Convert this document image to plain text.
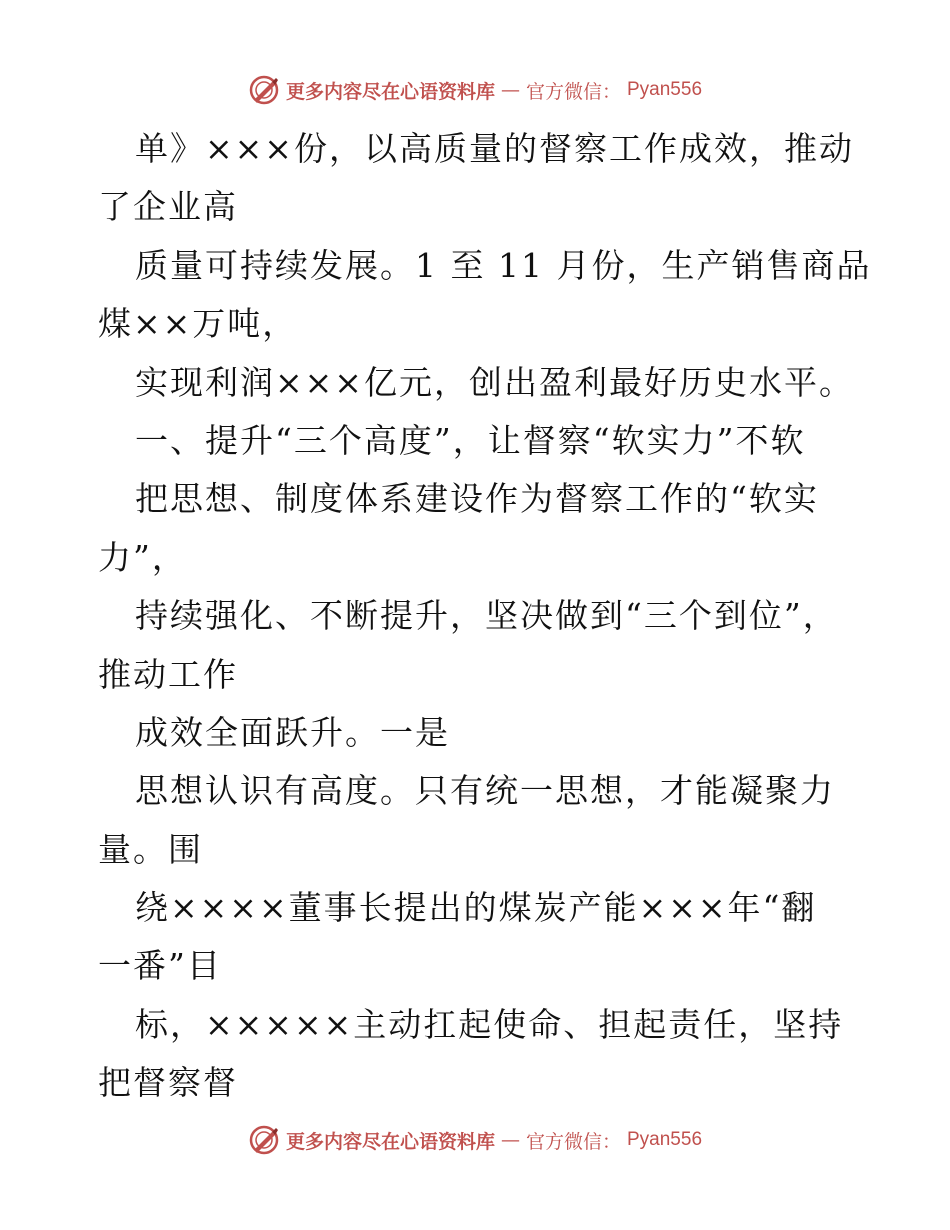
更多内容尽在心语资料库 — 官方微信： Pyan556
单》×××份，以高质量的督察工作成效，推动
了企业高
质量可持续发展。1 至 11 月份，生产销售商品
煤××万吨，
实现利润×××亿元，创出盈利最好历史水平。
一、提升“三个高度”，让督察“软实力”不软
把思想、制度体系建设作为督察工作的“软实
力”，
持续强化、不断提升，坚决做到“三个到位”，
推动工作
成效全面跃升。一是
思想认识有高度。只有统一思想，才能凝聚力
量。围
绕××××董事长提出的煤炭产能×××年“翻
一番”目
标，×××××主动扛起使命、担起责任，坚持
把督察督
更多内容尽在心语资料库 — 官方微信： Pyan556
